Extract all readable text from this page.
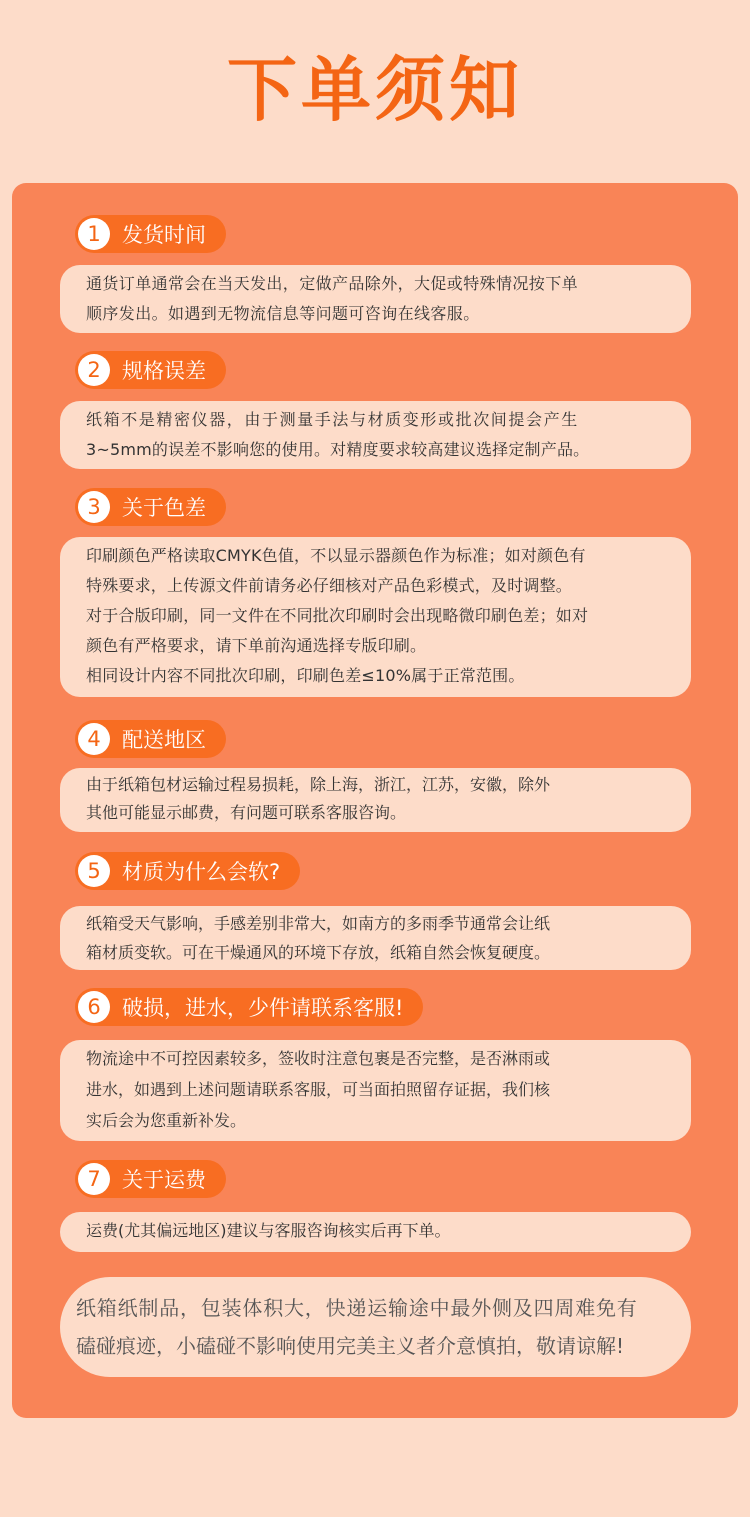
下单须知
1	发货时间
通货订单通常会在当天发出，定做产品除外，大促或特殊情况按下单
顺序发出。如遇到无物流信息等问题可咨询在线客服。
2	规格误差
纸箱不是精密仪器，由于测量手法与材质变形或批次间提会产生
3~5mm的误差不影响您的使用。对精度要求较高建议选择定制产品。
3	关于色差
印刷颜色严格读取CMYK色值，不以显示器颜色作为标准；如对颜色有
特殊要求，上传源文件前请务必仔细核对产品色彩模式，及时调整。
对于合版印刷，同一文件在不同批次印刷时会出现略微印刷色差；如对
颜色有严格要求，请下单前沟通选择专版印刷。
相同设计内容不同批次印刷，印刷色差≤10%属于正常范围。
4	配送地区
由于纸箱包材运输过程易损耗，除上海，浙江，江苏，安徽，除外
其他可能显示邮费，有问题可联系客服咨询。
5	材质为什么会软?
纸箱受天气影响，手感差别非常大，如南方的多雨季节通常会让纸
箱材质变软。可在干燥通风的环境下存放，纸箱自然会恢复硬度。
6	破损，进水，少件请联系客服!
物流途中不可控因素较多，签收时注意包裹是否完整，是否淋雨或
进水，如遇到上述问题请联系客服，可当面拍照留存证据，我们核
实后会为您重新补发。
7	关于运费
运费(尤其偏远地区)建议与客服咨询核实后再下单。
纸箱纸制品，包装体积大，快递运输途中最外侧及四周难免有
磕碰痕迹，小磕碰不影响使用完美主义者介意慎拍，敬请谅解!
